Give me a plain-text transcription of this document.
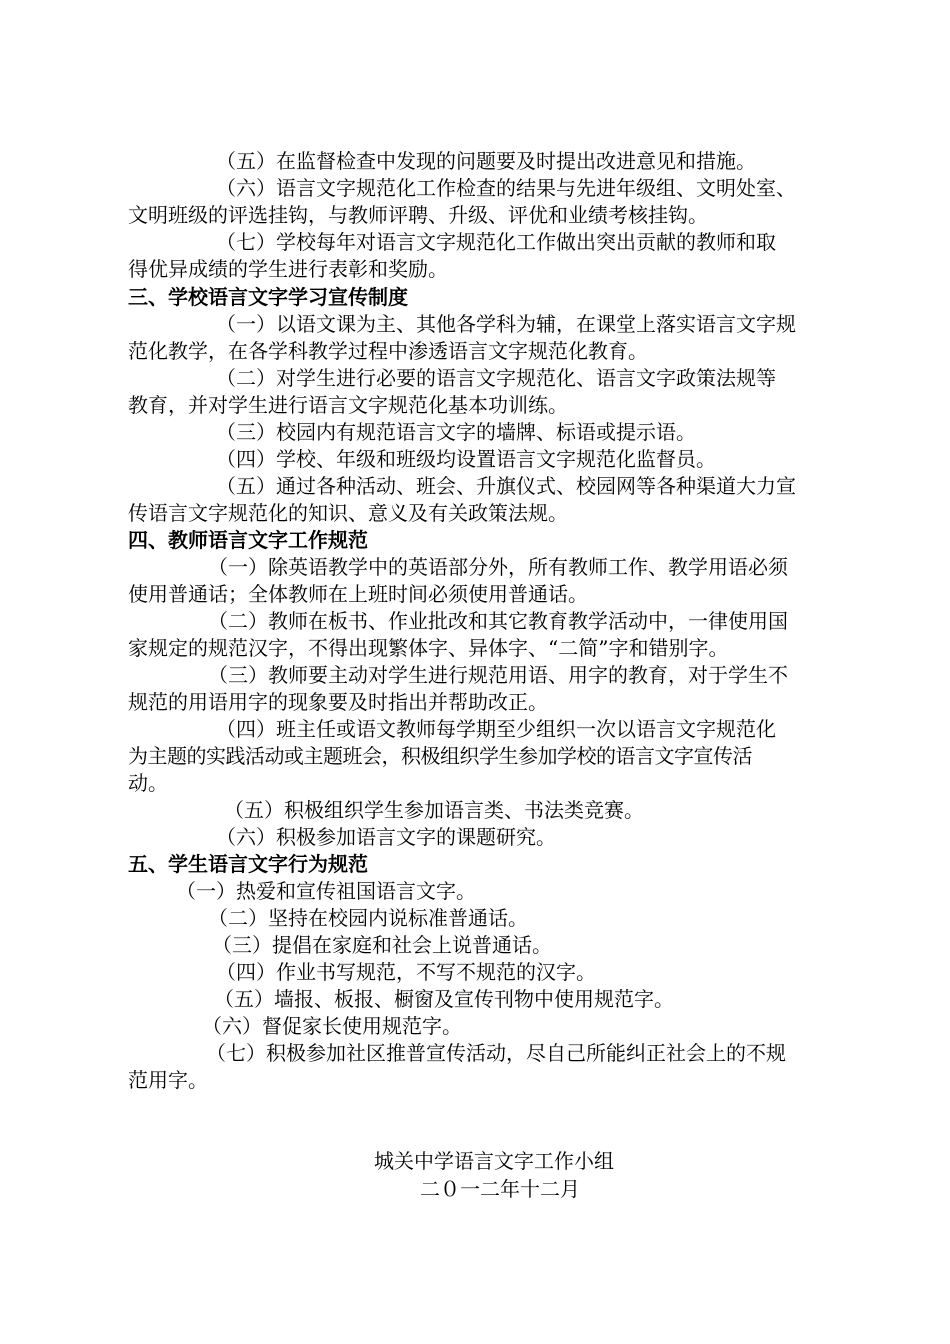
（五）在监督检查中发现的问题要及时提出改进意见和措施。
（六）语言文字规范化工作检查的结果与先进年级组、文明处室、
文明班级的评选挂钩，与教师评聘、升级、评优和业绩考核挂钩。
（七）学校每年对语言文字规范化工作做出突出贡献的教师和取
得优异成绩的学生进行表彰和奖励。
三、学校语言文字学习宣传制度
（一）以语文课为主、其他各学科为辅，在课堂上落实语言文字规
范化教学，在各学科教学过程中渗透语言文字规范化教育。
（二）对学生进行必要的语言文字规范化、语言文字政策法规等
教育，并对学生进行语言文字规范化基本功训练。
（三）校园内有规范语言文字的墙牌、标语或提示语。
（四）学校、年级和班级均设置语言文字规范化监督员。
（五）通过各种活动、班会、升旗仪式、校园网等各种渠道大力宣
传语言文字规范化的知识、意义及有关政策法规。
四、教师语言文字工作规范
（一）除英语教学中的英语部分外，所有教师工作、教学用语必须
使用普通话；全体教师在上班时间必须使用普通话。
（二）教师在板书、作业批改和其它教育教学活动中，一律使用国
家规定的规范汉字，不得出现繁体字、异体字、“二简”字和错别字。
（三）教师要主动对学生进行规范用语、用字的教育，对于学生不
规范的用语用字的现象要及时指出并帮助改正。
（四）班主任或语文教师每学期至少组织一次以语言文字规范化
为主题的实践活动或主题班会，积极组织学生参加学校的语言文字宣传活
动。
（五）积极组织学生参加语言类、书法类竞赛。
（六）积极参加语言文字的课题研究。
五、学生语言文字行为规范
（一）热爱和宣传祖国语言文字。
（二）坚持在校园内说标准普通话。
（三）提倡在家庭和社会上说普通话。
（四）作业书写规范，不写不规范的汉字。
（五）墙报、板报、橱窗及宣传刊物中使用规范字。
（六）督促家长使用规范字。
（七）积极参加社区推普宣传活动，尽自己所能纠正社会上的不规
范用字。
城关中学语言文字工作小组
二０一二年十二月
